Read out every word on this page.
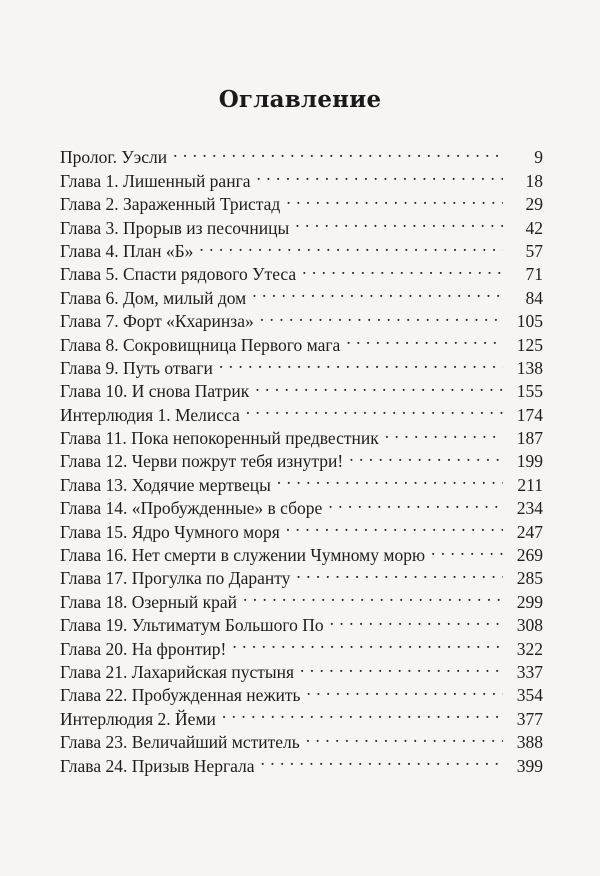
Оглавление
Пролог. Уэсли . . .	9
Глава 1. Лишенный ранга . . .	18
Глава 2. Зараженный Тристад . . .	29
Глава 3. Прорыв из песочницы . . .	42
Глава 4. План «Б» . . .	57
Глава 5. Спасти рядового Утеса . . .	71
Глава 6. Дом, милый дом . . .	84
Глава 7. Форт «Кхаринза» . . .	105
Глава 8. Сокровищница Первого мага . . .	125
Глава 9. Путь отваги . . .	138
Глава 10. И снова Патрик . . .	155
Интерлюдия 1. Мелисса . . .	174
Глава 11. Пока непокоренный предвестник . . .	187
Глава 12. Черви пожрут тебя изнутри! . . .	199
Глава 13. Ходячие мертвецы . . .	211
Глава 14. «Пробужденные» в сборе . . .	234
Глава 15. Ядро Чумного моря . . .	247
Глава 16. Нет смерти в служении Чумному морю . . .	269
Глава 17. Прогулка по Даранту . . .	285
Глава 18. Озерный край . . .	299
Глава 19. Ультиматум Большого По . . .	308
Глава 20. На фронтир! . . .	322
Глава 21. Лахарийская пустыня . . .	337
Глава 22. Пробужденная нежить . . .	354
Интерлюдия 2. Йеми . . .	377
Глава 23. Величайший мститель . . .	388
Глава 24. Призыв Нергала . . .	399
